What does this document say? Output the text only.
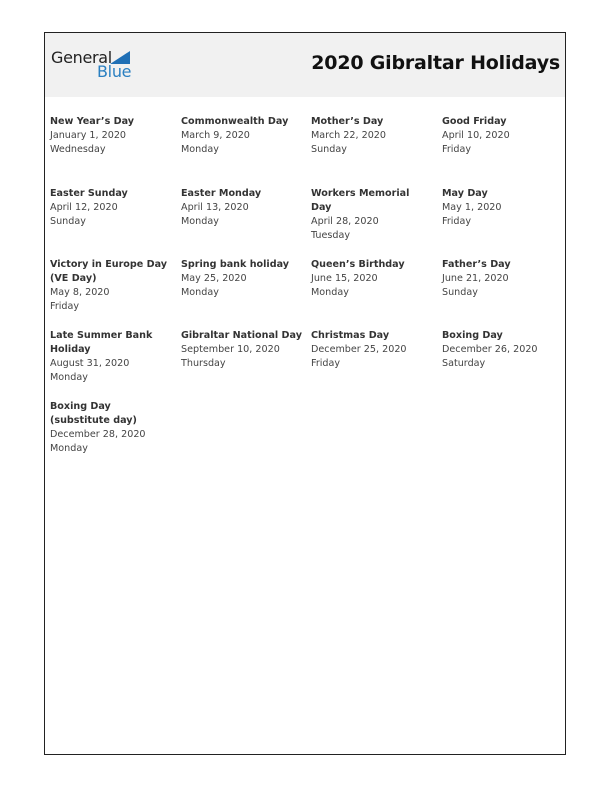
General
Blue	2020 Gibraltar Holidays
New Year’s Day
January 1, 2020
Wednesday
Commonwealth Day
March 9, 2020
Monday
Mother’s Day
March 22, 2020
Sunday
Good Friday
April 10, 2020
Friday
Easter Sunday
April 12, 2020
Sunday
Easter Monday
April 13, 2020
Monday
Workers Memorial Day
April 28, 2020
Tuesday
May Day
May 1, 2020
Friday
Victory in Europe Day (VE Day)
May 8, 2020
Friday
Spring bank holiday
May 25, 2020
Monday
Queen’s Birthday
June 15, 2020
Monday
Father’s Day
June 21, 2020
Sunday
Late Summer Bank Holiday
August 31, 2020
Monday
Gibraltar National Day
September 10, 2020
Thursday
Christmas Day
December 25, 2020
Friday
Boxing Day
December 26, 2020
Saturday
Boxing Day (substitute day)
December 28, 2020
Monday
